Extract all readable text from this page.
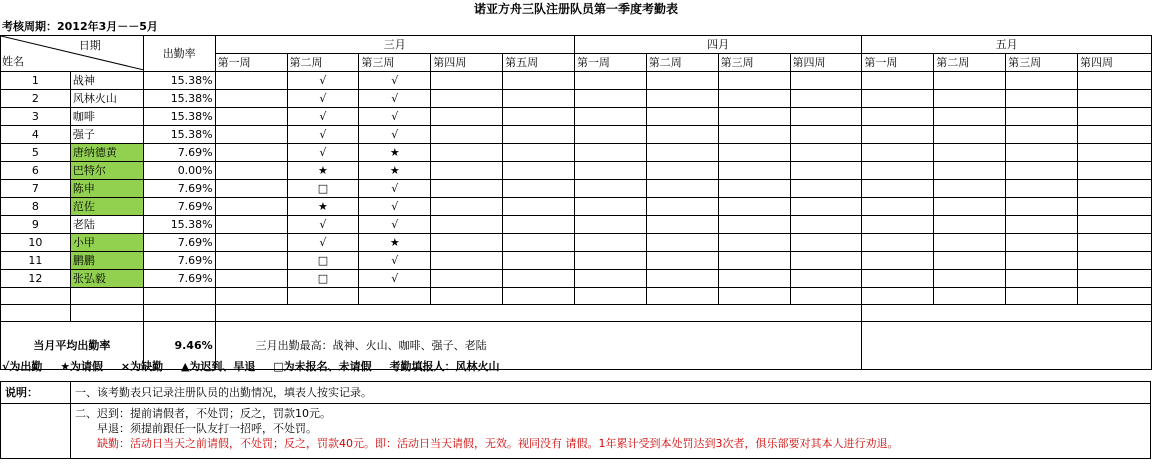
诺亚方舟三队注册队员第一季度考勤表
考核周期：2012年3月－－5月
日期
姓名		出勤率	三月					四月				五月			
			第一周	第二周	第三周	第四周	第五周	第一周	第二周	第三周	第四周	第一周	第二周	第三周	第四周
1	战神	15.38%		√	√										
2	风林火山	15.38%		√	√										
3	咖啡	15.38%		√	√										
4	强子	15.38%		√	√										
5	唐纳德黄	7.69%		√	★										
6	巴特尔	0.00%		★	★										
7	陈申	7.69%		□	√										
8	范佐	7.69%		★	√										
9	老陆	15.38%		√	√										
10	小甲	7.69%		√	★										
11	鹏鹏	7.69%		□	√										
12	张弘毅	7.69%		□	√										

当月平均出勤率		9.46%	三月出勤最高：战神、火山、咖啡、强子、老陆												
√为出勤 ★为请假 ×为缺勤 ▲为迟到、早退 □为未报名、未请假 考勤填报人：风林火山
说明：	一、该考勤表只记录注册队员的出勤情况，填表人按实记录。

	二、迟到：提前请假者，不处罚；反之，罚款10元。
早退：须提前跟任一队友打一招呼，不处罚。
缺勤：活动日当天之前请假，不处罚；反之，罚款40元。即：活动日当天请假，无效。视同没有 请假。1年累计受到本处罚达到3次者，俱乐部要对其本人进行劝退。
